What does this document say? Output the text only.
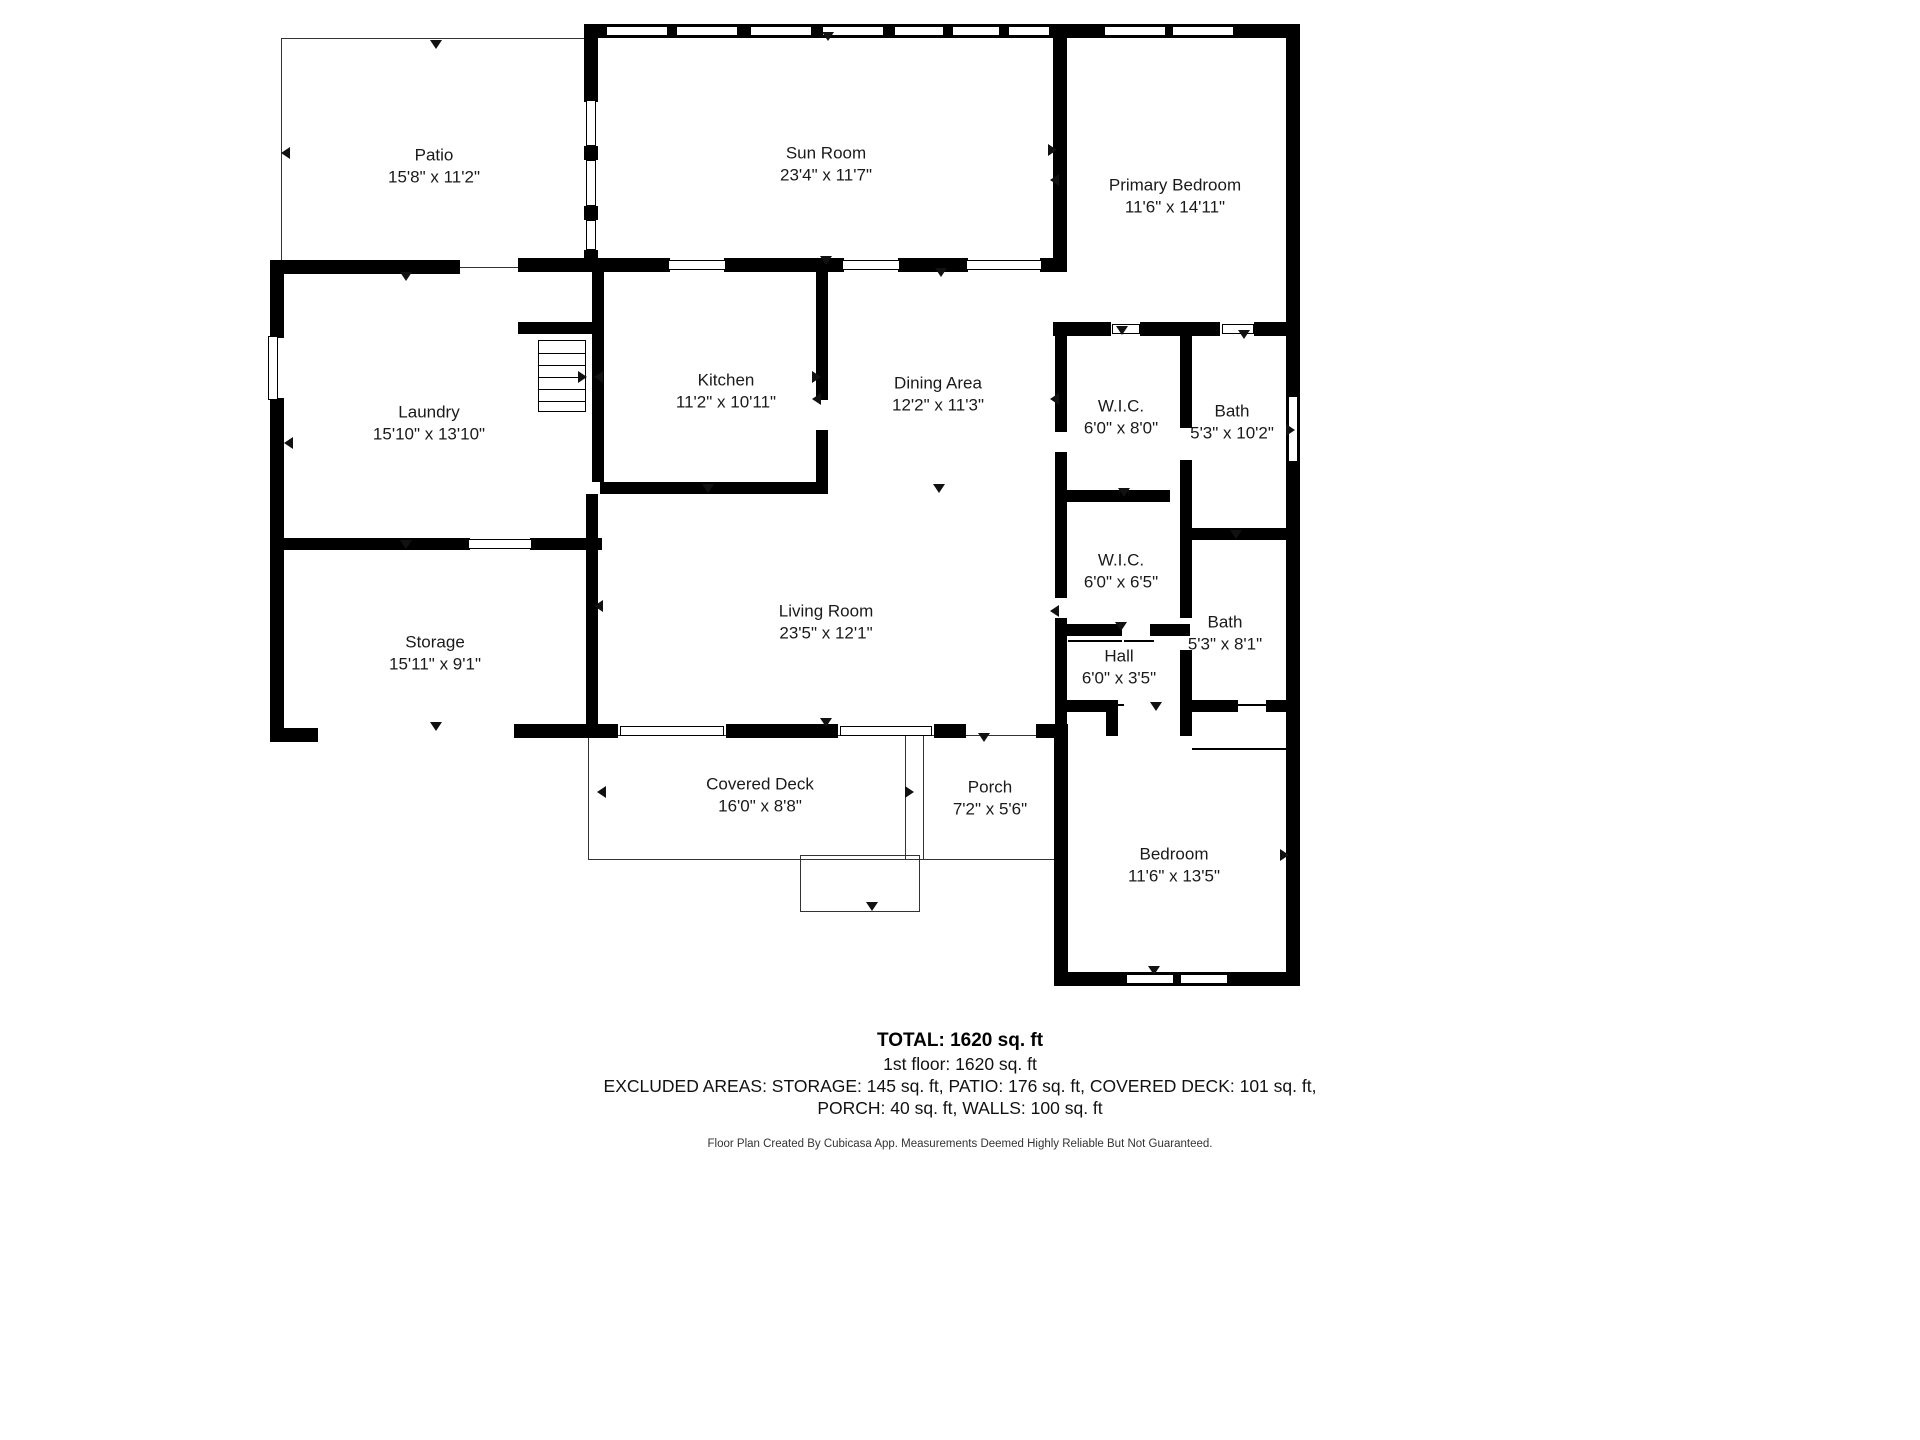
Patio
15'8" x 11'2"
Sun Room
23'4" x 11'7"
Primary Bedroom
11'6" x 14'11"
Laundry
15'10" x 13'10"
Kitchen
11'2" x 10'11"
Dining Area
12'2" x 11'3"	W.I.C.
6'0" x 8'0"
Bath
5'3" x 10'2"
Storage
15'11" x 9'1"
Living Room
23'5" x 12'1"
W.I.C.
6'0" x 6'5"
Bath
5'3" x 8'1"
Hall
6'0" x 3'5"
Covered Deck
16'0" x 8'8"
Porch
7'2" x 5'6"
Bedroom
11'6" x 13'5"
TOTAL: 1620 sq. ft
1st floor: 1620 sq. ft
EXCLUDED AREAS: STORAGE: 145 sq. ft, PATIO: 176 sq. ft, COVERED DECK: 101 sq. ft,
PORCH: 40 sq. ft, WALLS: 100 sq. ft
Floor Plan Created By Cubicasa App. Measurements Deemed Highly Reliable But Not Guaranteed.
